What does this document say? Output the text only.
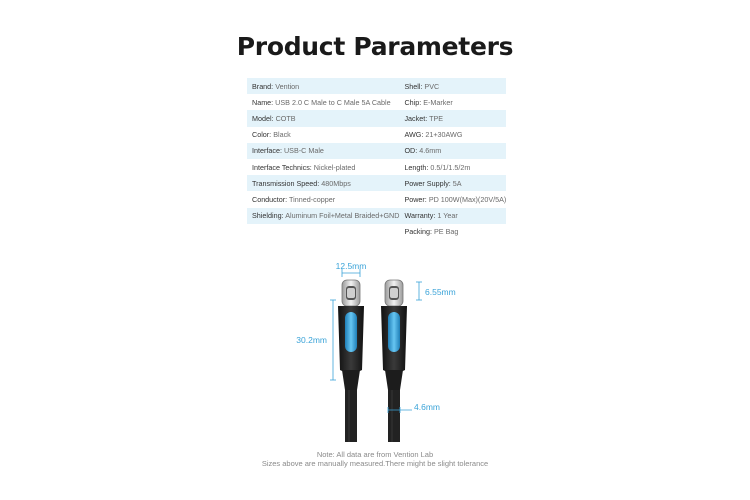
Product Parameters
Brand: Vention	Shell: PVC
Name: USB 2.0 C Male to C Male 5A Cable	Chip: E-Marker
Model: COTB	Jacket: TPE
Color: Black	AWG: 21+30AWG
Interface: USB-C Male	OD: 4.6mm
Interface Technics: Nickel-plated	Length: 0.5/1/1.5/2m
Transmission Speed: 480Mbps	Power Supply: 5A
Conductor: Tinned-copper	Power: PD 100W(Max)(20V/5A)
Shielding: Aluminum Foil+Metal Braided+GND	Warranty: 1 Year
	Packing: PE Bag
12.5mm
6.55mm
30.2mm
4.6mm
Note: All data are from Vention Lab
Sizes above are manually measured.There might be slight tolerance
